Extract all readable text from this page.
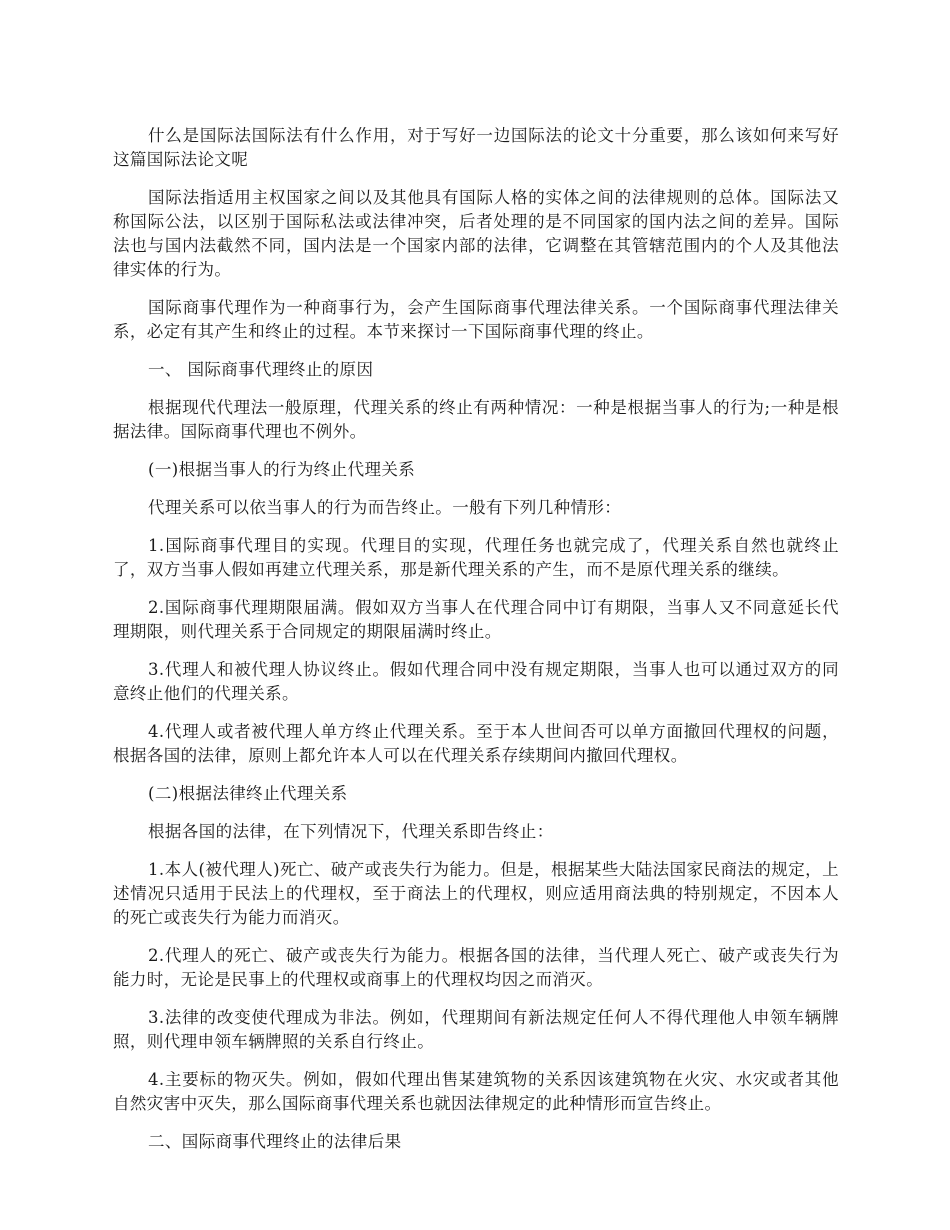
什么是国际法国际法有什么作用，对于写好一边国际法的论文十分重要，那么该如何来写好这篇国际法论文呢

国际法指适用主权国家之间以及其他具有国际人格的实体之间的法律规则的总体。国际法又称国际公法，以区别于国际私法或法律冲突，后者处理的是不同国家的国内法之间的差异。国际法也与国内法截然不同，国内法是一个国家内部的法律，它调整在其管辖范围内的个人及其他法律实体的行为。

国际商事代理作为一种商事行为，会产生国际商事代理法律关系。一个国际商事代理法律关系，必定有其产生和终止的过程。本节来探讨一下国际商事代理的终止。

一、 国际商事代理终止的原因

根据现代代理法一般原理，代理关系的终止有两种情况：一种是根据当事人的行为;一种是根据法律。国际商事代理也不例外。

(一)根据当事人的行为终止代理关系

代理关系可以依当事人的行为而告终止。一般有下列几种情形：

1.国际商事代理目的实现。代理目的实现，代理任务也就完成了，代理关系自然也就终止了，双方当事人假如再建立代理关系，那是新代理关系的产生，而不是原代理关系的继续。

2.国际商事代理期限届满。假如双方当事人在代理合同中订有期限，当事人又不同意延长代理期限，则代理关系于合同规定的期限届满时终止。

3.代理人和被代理人协议终止。假如代理合同中没有规定期限，当事人也可以通过双方的同意终止他们的代理关系。

4.代理人或者被代理人单方终止代理关系。至于本人世间否可以单方面撤回代理权的问题，根据各国的法律，原则上都允许本人可以在代理关系存续期间内撤回代理权。

(二)根据法律终止代理关系

根据各国的法律，在下列情况下，代理关系即告终止：

1.本人(被代理人)死亡、破产或丧失行为能力。但是，根据某些大陆法国家民商法的规定，上述情况只适用于民法上的代理权，至于商法上的代理权，则应适用商法典的特别规定，不因本人的死亡或丧失行为能力而消灭。

2.代理人的死亡、破产或丧失行为能力。根据各国的法律，当代理人死亡、破产或丧失行为能力时，无论是民事上的代理权或商事上的代理权均因之而消灭。

3.法律的改变使代理成为非法。例如，代理期间有新法规定任何人不得代理他人申领车辆牌照，则代理申领车辆牌照的关系自行终止。

4.主要标的物灭失。例如，假如代理出售某建筑物的关系因该建筑物在火灾、水灾或者其他自然灾害中灭失，那么国际商事代理关系也就因法律规定的此种情形而宣告终止。

二、国际商事代理终止的法律后果
